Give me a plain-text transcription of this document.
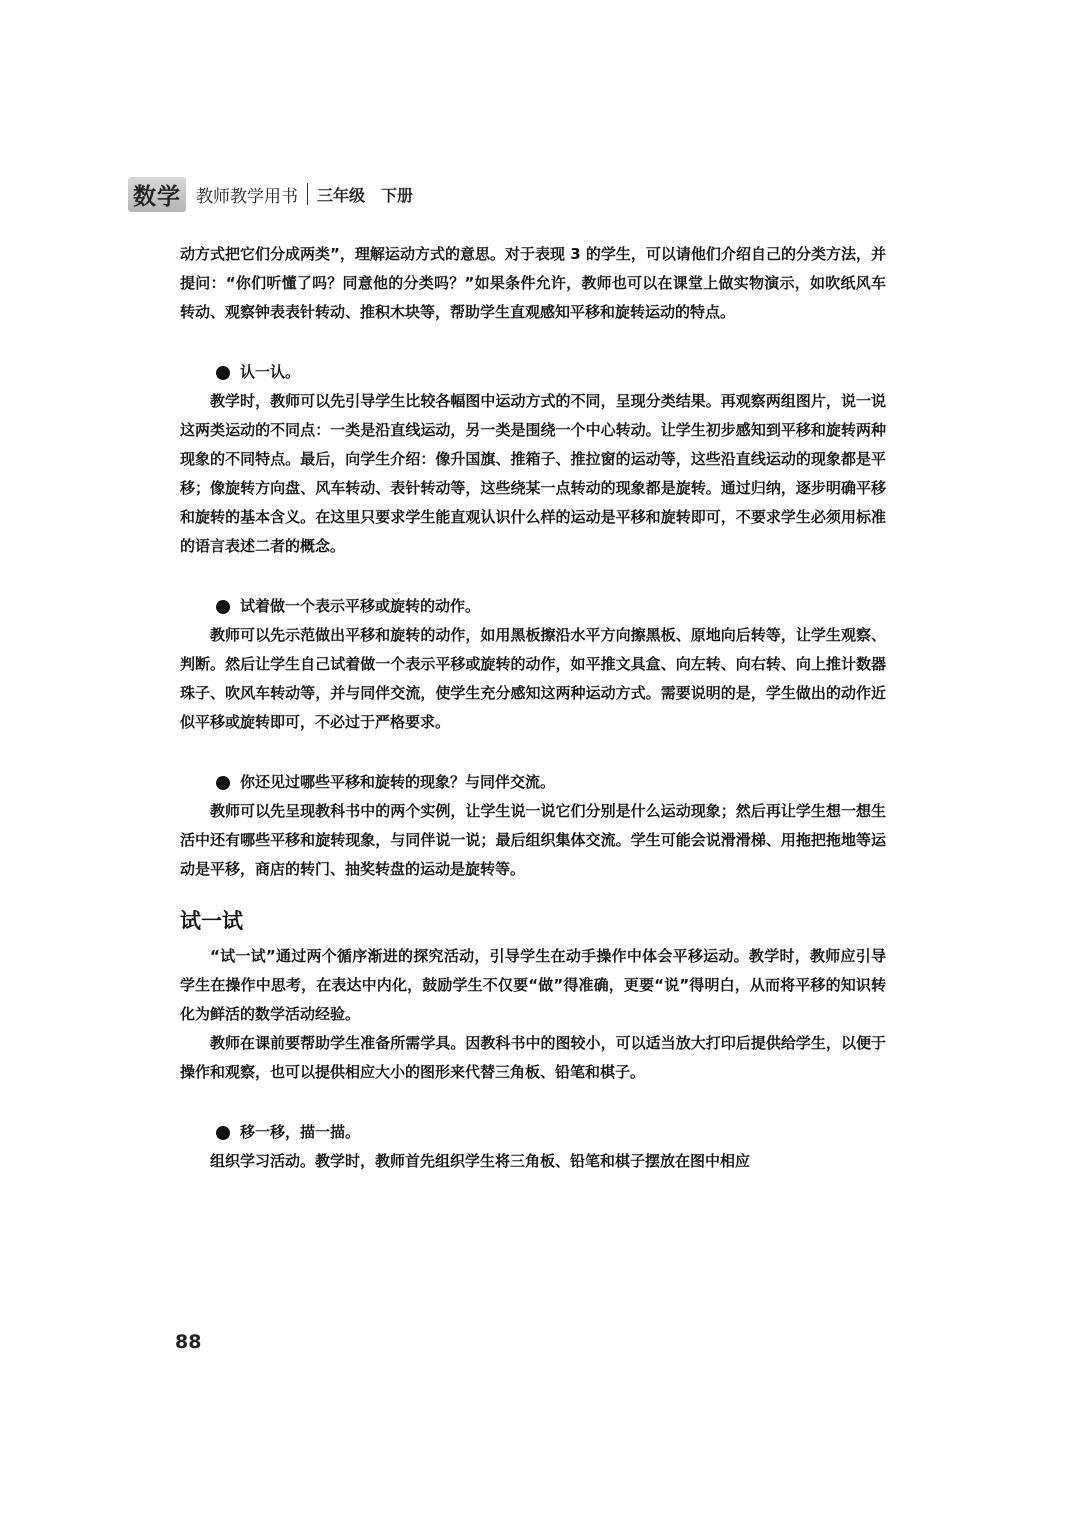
数学 教师教学用书 三年级 下册

动方式把它们分成两类”，理解运动方式的意思。对于表现 3 的学生，可以请他们介绍自己的分类方法，并提问：“你们听懂了吗？同意他的分类吗？”如果条件允许，教师也可以在课堂上做实物演示，如吹纸风车转动、观察钟表表针转动、推积木块等，帮助学生直观感知平移和旋转运动的特点。

认一认。

教学时，教师可以先引导学生比较各幅图中运动方式的不同，呈现分类结果。再观察两组图片，说一说这两类运动的不同点：一类是沿直线运动，另一类是围绕一个中心转动。让学生初步感知到平移和旋转两种现象的不同特点。最后，向学生介绍：像升国旗、推箱子、推拉窗的运动等，这些沿直线运动的现象都是平移；像旋转方向盘、风车转动、表针转动等，这些绕某一点转动的现象都是旋转。通过归纳，逐步明确平移和旋转的基本含义。在这里只要求学生能直观认识什么样的运动是平移和旋转即可，不要求学生必须用标准的语言表述二者的概念。

试着做一个表示平移或旋转的动作。

教师可以先示范做出平移和旋转的动作，如用黑板擦沿水平方向擦黑板、原地向后转等，让学生观察、判断。然后让学生自己试着做一个表示平移或旋转的动作，如平推文具盒、向左转、向右转、向上推计数器珠子、吹风车转动等，并与同伴交流，使学生充分感知这两种运动方式。需要说明的是，学生做出的动作近似平移或旋转即可，不必过于严格要求。

你还见过哪些平移和旋转的现象？与同伴交流。

教师可以先呈现教科书中的两个实例，让学生说一说它们分别是什么运动现象；然后再让学生想一想生活中还有哪些平移和旋转现象，与同伴说一说；最后组织集体交流。学生可能会说滑滑梯、用拖把拖地等运动是平移，商店的转门、抽奖转盘的运动是旋转等。

试一试

“试一试”通过两个循序渐进的探究活动，引导学生在动手操作中体会平移运动。教学时，教师应引导学生在操作中思考，在表达中内化，鼓励学生不仅要“做”得准确，更要“说”得明白，从而将平移的知识转化为鲜活的数学活动经验。

教师在课前要帮助学生准备所需学具。因教科书中的图较小，可以适当放大打印后提供给学生，以便于操作和观察，也可以提供相应大小的图形来代替三角板、铅笔和棋子。

移一移，描一描。

组织学习活动。教学时，教师首先组织学生将三角板、铅笔和棋子摆放在图中相应

88
